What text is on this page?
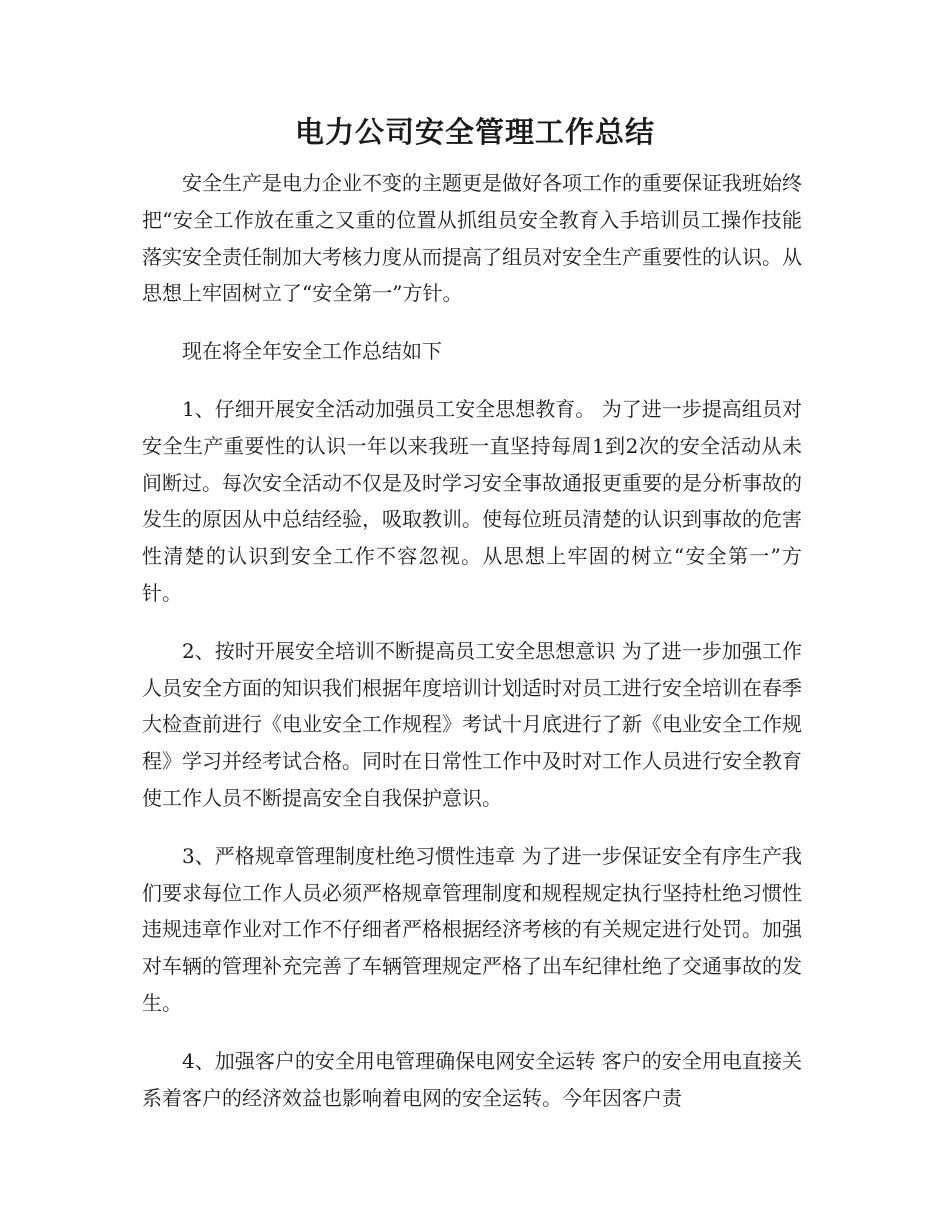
电力公司安全管理工作总结

安全生产是电力企业不变的主题更是做好各项工作的重要保证我班始终把“安全工作放在重之又重的位置从抓组员安全教育入手培训员工操作技能落实安全责任制加大考核力度从而提高了组员对安全生产重要性的认识。从思想上牢固树立了“安全第一”方针。

现在将全年安全工作总结如下

1、仔细开展安全活动加强员工安全思想教育。 为了进一步提高组员对安全生产重要性的认识一年以来我班一直坚持每周1到2次的安全活动从未间断过。每次安全活动不仅是及时学习安全事故通报更重要的是分析事故的发生的原因从中总结经验，吸取教训。使每位班员清楚的认识到事故的危害性清楚的认识到安全工作不容忽视。从思想上牢固的树立“安全第一”方针。

2、按时开展安全培训不断提高员工安全思想意识 为了进一步加强工作人员安全方面的知识我们根据年度培训计划适时对员工进行安全培训在春季大检查前进行《电业安全工作规程》考试十月底进行了新《电业安全工作规程》学习并经考试合格。同时在日常性工作中及时对工作人员进行安全教育使工作人员不断提高安全自我保护意识。

3、严格规章管理制度杜绝习惯性违章 为了进一步保证安全有序生产我们要求每位工作人员必须严格规章管理制度和规程规定执行坚持杜绝习惯性违规违章作业对工作不仔细者严格根据经济考核的有关规定进行处罚。加强对车辆的管理补充完善了车辆管理规定严格了出车纪律杜绝了交通事故的发生。

4、加强客户的安全用电管理确保电网安全运转 客户的安全用电直接关系着客户的经济效益也影响着电网的安全运转。今年因客户责
